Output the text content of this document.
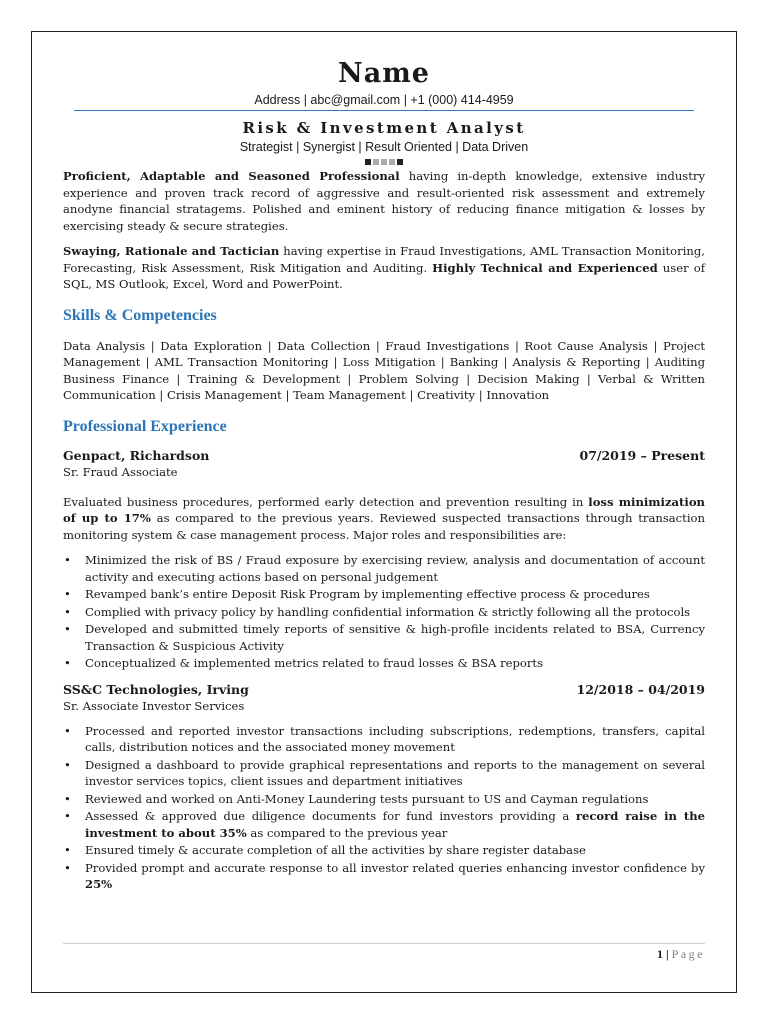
Name
Address | abc@gmail.com | +1 (000) 414-4959
Risk & Investment Analyst
Strategist | Synergist | Result Oriented | Data Driven

Proficient, Adaptable and Seasoned Professional having in-depth knowledge, extensive industry experience and proven track record of aggressive and result-oriented risk assessment and extremely anodyne financial stratagems. Polished and eminent history of reducing finance mitigation & losses by exercising steady & secure strategies.

Swaying, Rationale and Tactician having expertise in Fraud Investigations, AML Transaction Monitoring, Forecasting, Risk Assessment, Risk Mitigation and Auditing. Highly Technical and Experienced user of SQL, MS Outlook, Excel, Word and PowerPoint.

Skills & Competencies

Data Analysis | Data Exploration | Data Collection | Fraud Investigations | Root Cause Analysis | Project Management | AML Transaction Monitoring | Loss Mitigation | Banking | Analysis & Reporting | Auditing Business Finance | Training & Development | Problem Solving | Decision Making | Verbal & Written Communication | Crisis Management | Team Management | Creativity | Innovation

Professional Experience
Genpact, Richardson	07/2019 – Present
Sr. Fraud Associate

Evaluated business procedures, performed early detection and prevention resulting in loss minimization of up to 17% as compared to the previous years. Reviewed suspected transactions through transaction monitoring system & case management process. Major roles and responsibilities are:

• Minimized the risk of BS / Fraud exposure by exercising review, analysis and documentation of account activity and executing actions based on personal judgement
• Revamped bank’s entire Deposit Risk Program by implementing effective process & procedures
• Complied with privacy policy by handling confidential information & strictly following all the protocols
• Developed and submitted timely reports of sensitive & high-profile incidents related to BSA, Currency Transaction & Suspicious Activity
• Conceptualized & implemented metrics related to fraud losses & BSA reports
SS&C Technologies, Irving	12/2018 – 04/2019
Sr. Associate Investor Services
• Processed and reported investor transactions including subscriptions, redemptions, transfers, capital calls, distribution notices and the associated money movement
• Designed a dashboard to provide graphical representations and reports to the management on several investor services topics, client issues and department initiatives
• Reviewed and worked on Anti-Money Laundering tests pursuant to US and Cayman regulations
• Assessed & approved due diligence documents for fund investors providing a record raise in the investment to about 35% as compared to the previous year
• Ensured timely & accurate completion of all the activities by share register database
• Provided prompt and accurate response to all investor related queries enhancing investor confidence by 25%
1 | Page
